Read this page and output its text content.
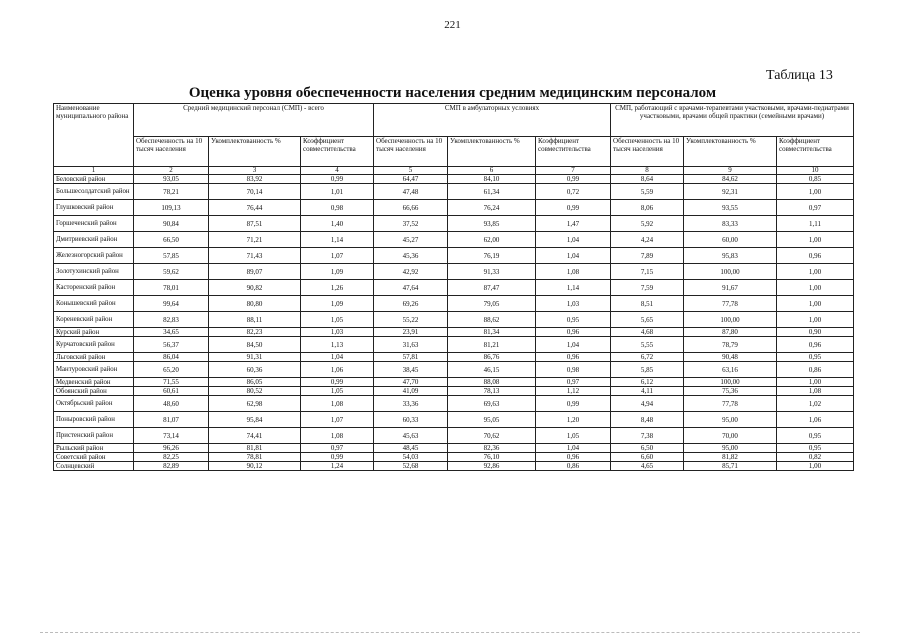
221
Таблица 13
Оценка уровня обеспеченности населения средним медицинским персоналом
Наименование муниципального района	Средний медицинский персонал (СМП) - всего			СМП в амбулаторных условиях			СМП, работающий с врачами-терапевтами участковыми, врачами-педиатрами участковыми, врачами общей практики (семейными врачами)		
	Обеспеченность на 10 тысяч населения	Укомплектованность %	Коэффициент совместительства	Обеспеченность на 10 тысяч населения	Укомплектованность %	Коэффициент совместительства	Обеспеченность на 10 тысяч населения	Укомплектованность %	Коэффициент совместительства
1	2	3	4	5	6	7	8	9	10
Беловский район	93,05	83,92	0,99	64,47	84,10	0,99	8,64	84,62	0,85
Большесолдатский район	78,21	70,14	1,01	47,48	61,34	0,72	5,59	92,31	1,00
Глушковский район	109,13	76,44	0,98	66,66	76,24	0,99	8,06	93,55	0,97
Горшеченский район	90,84	87,51	1,40	37,52	93,85	1,47	5,92	83,33	1,11
Дмитриевский район	66,50	71,21	1,14	45,27	62,00	1,04	4,24	60,00	1,00
Железногорский район	57,85	71,43	1,07	45,36	76,19	1,04	7,89	95,83	0,96
Золотухинский район	59,62	89,07	1,09	42,92	91,33	1,08	7,15	100,00	1,00
Касторенский район	78,01	90,82	1,26	47,64	87,47	1,14	7,59	91,67	1,00
Конышевский район	99,64	80,80	1,09	69,26	79,05	1,03	8,51	77,78	1,00
Кореневский район	82,83	88,11	1,05	55,22	88,62	0,95	5,65	100,00	1,00
Курский район	34,65	82,23	1,03	23,91	81,34	0,96	4,68	87,80	0,90
Курчатовский район	56,37	84,50	1,13	31,63	81,21	1,04	5,55	78,79	0,96
Льговский район	86,04	91,31	1,04	57,81	86,76	0,96	6,72	90,48	0,95
Мантуровский район	65,20	60,36	1,06	38,45	46,15	0,98	5,85	63,16	0,86
Медвенский район	71,55	86,05	0,99	47,70	88,08	0,97	6,12	100,00	1,00
Обоянский район	60,61	80,52	1,05	41,09	78,13	1,12	4,11	75,36	1,08
Октябрьский район	48,60	62,98	1,08	33,36	69,63	0,99	4,94	77,78	1,02
Поныровский район	81,07	95,84	1,07	60,33	95,05	1,20	8,48	95,00	1,06
Пристенский район	73,14	74,41	1,08	45,63	70,62	1,05	7,38	70,00	0,95
Рыльский район	96,26	81,81	0,97	48,45	82,36	1,04	6,50	95,00	0,95
Советский район	82,25	78,81	0,99	54,03	76,10	0,96	6,60	81,82	0,82
Солнцевский	82,89	90,12	1,24	52,68	92,86	0,86	4,65	85,71	1,00
